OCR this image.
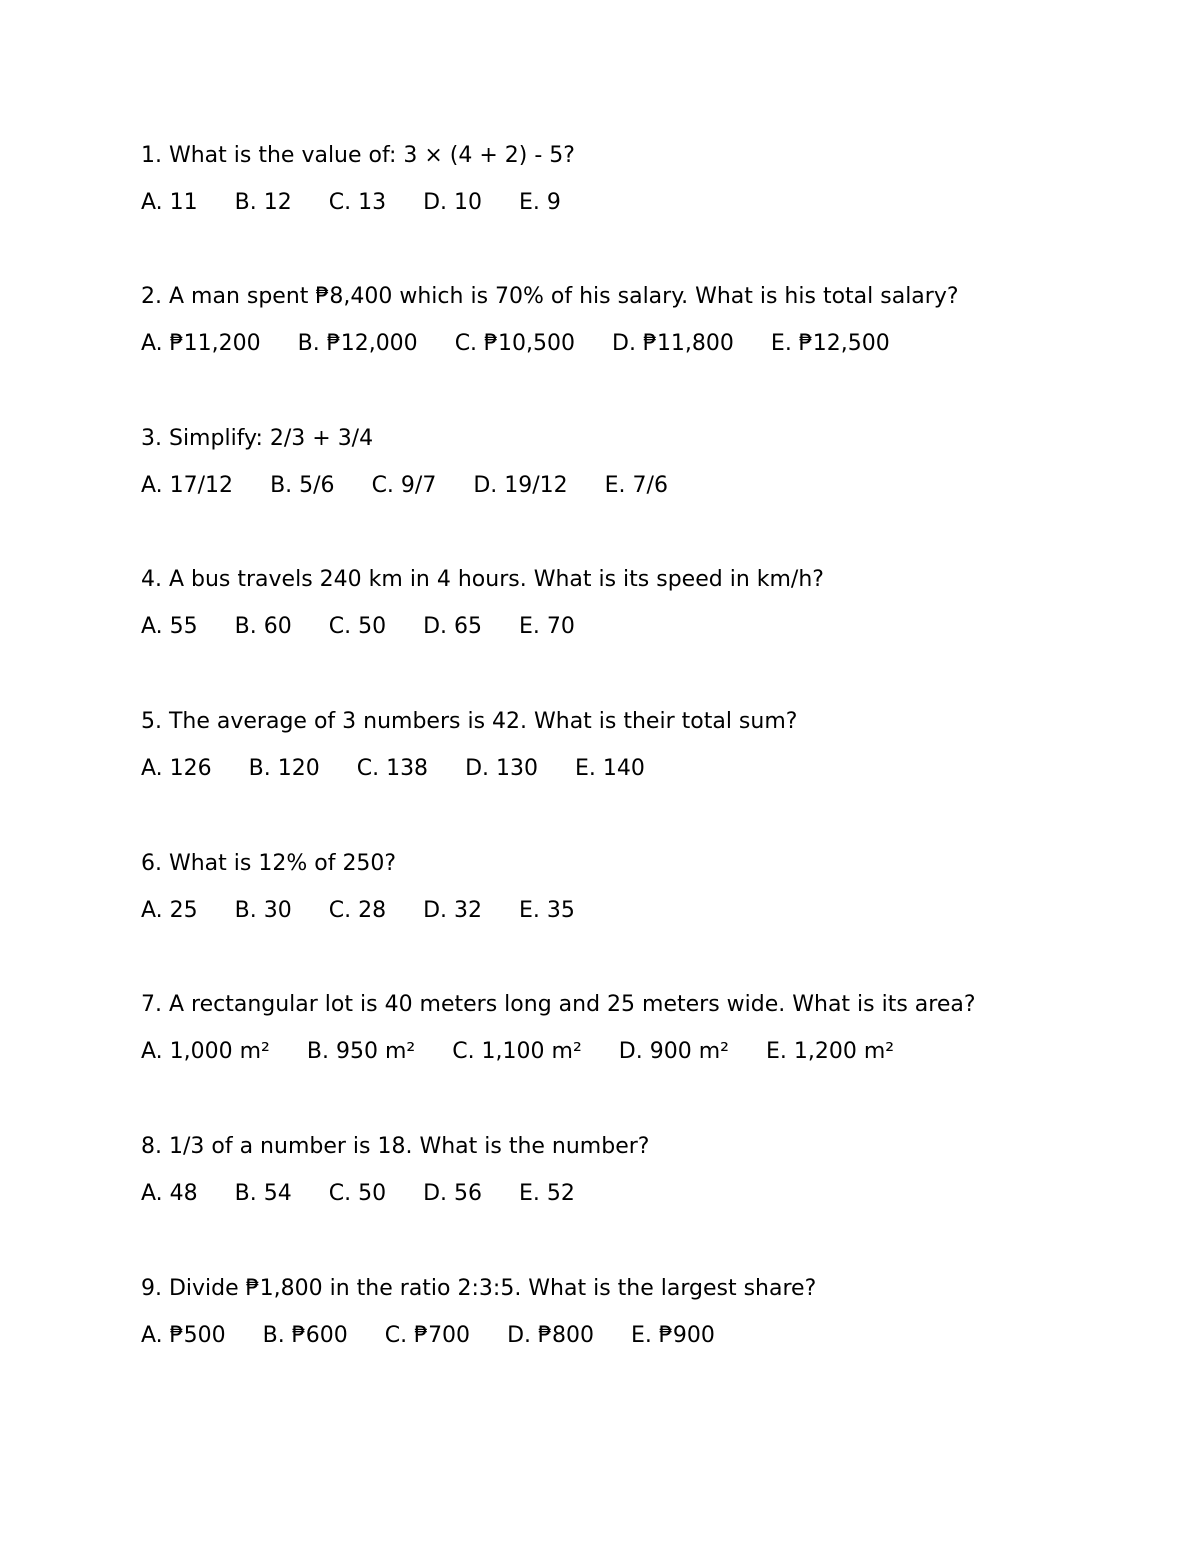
1. What is the value of: 3 × (4 + 2) - 5?

A. 11 B. 12 C. 13 D. 10 E. 9

2. A man spent ₱8,400 which is 70% of his salary. What is his total salary?

A. ₱11,200 B. ₱12,000 C. ₱10,500 D. ₱11,800 E. ₱12,500

3. Simplify: 2/3 + 3/4

A. 17/12 B. 5/6 C. 9/7 D. 19/12 E. 7/6

4. A bus travels 240 km in 4 hours. What is its speed in km/h?

A. 55 B. 60 C. 50 D. 65 E. 70

5. The average of 3 numbers is 42. What is their total sum?

A. 126 B. 120 C. 138 D. 130 E. 140

6. What is 12% of 250?

A. 25 B. 30 C. 28 D. 32 E. 35

7. A rectangular lot is 40 meters long and 25 meters wide. What is its area?

A. 1,000 m² B. 950 m² C. 1,100 m² D. 900 m² E. 1,200 m²

8. 1/3 of a number is 18. What is the number?

A. 48 B. 54 C. 50 D. 56 E. 52

9. Divide ₱1,800 in the ratio 2:3:5. What is the largest share?

A. ₱500 B. ₱600 C. ₱700 D. ₱800 E. ₱900
